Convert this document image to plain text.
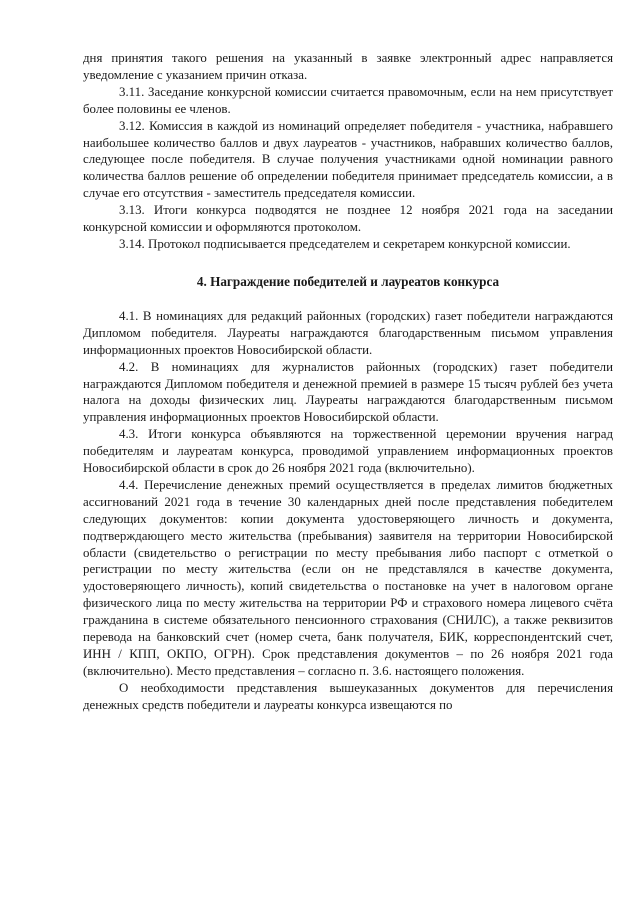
дня принятия такого решения на указанный в заявке электронный адрес направляется уведомление с указанием причин отказа.

3.11. Заседание конкурсной комиссии считается правомочным, если на нем присутствует более половины ее членов.

3.12. Комиссия в каждой из номинаций определяет победителя - участника, набравшего наибольшее количество баллов и двух лауреатов - участников, набравших количество баллов, следующее после победителя. В случае получения участниками одной номинации равного количества баллов решение об определении победителя принимает председатель комиссии, а в случае его отсутствия - заместитель председателя комиссии.

3.13. Итоги конкурса подводятся не позднее 12 ноября 2021 года на заседании конкурсной комиссии и оформляются протоколом.

3.14. Протокол подписывается председателем и секретарем конкурсной комиссии.

4. Награждение победителей и лауреатов конкурса

4.1. В номинациях для редакций районных (городских) газет победители награждаются Дипломом победителя. Лауреаты награждаются благодарственным письмом управления информационных проектов Новосибирской области.

4.2. В номинациях для журналистов районных (городских) газет победители награждаются Дипломом победителя и денежной премией в размере 15 тысяч рублей без учета налога на доходы физических лиц. Лауреаты награждаются благодарственным письмом управления информационных проектов Новосибирской области.

4.3. Итоги конкурса объявляются на торжественной церемонии вручения наград победителям и лауреатам конкурса, проводимой управлением информационных проектов Новосибирской области в срок до 26 ноября 2021 года (включительно).

4.4. Перечисление денежных премий осуществляется в пределах лимитов бюджетных ассигнований 2021 года в течение 30 календарных дней после представления победителем следующих документов: копии документа удостоверяющего личность и документа, подтверждающего место жительства (пребывания) заявителя на территории Новосибирской области (свидетельство о регистрации по месту пребывания либо паспорт с отметкой о регистрации по месту жительства (если он не представлялся в качестве документа, удостоверяющего личность), копий свидетельства о постановке на учет в налоговом органе физического лица по месту жительства на территории РФ и страхового номера лицевого счёта гражданина в системе обязательного пенсионного страхования (СНИЛС), а также реквизитов перевода на банковский счет (номер счета, банк получателя, БИК, корреспондентский счет, ИНН / КПП, ОКПО, ОГРН). Срок представления документов – по 26 ноября 2021 года (включительно). Место представления – согласно п. 3.6. настоящего положения.

О необходимости представления вышеуказанных документов для перечисления денежных средств победители и лауреаты конкурса извещаются по
